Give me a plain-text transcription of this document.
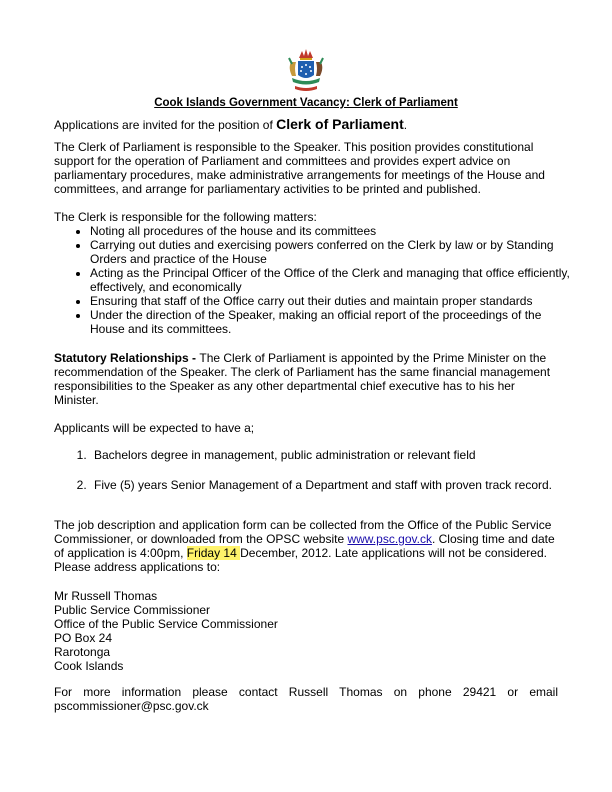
Cook Islands Government Vacancy: Clerk of Parliament
Applications are invited for the position of Clerk of Parliament.
The Clerk of Parliament is responsible to the Speaker. This position provides constitutional support for the operation of Parliament and committees and provides expert advice on parliamentary procedures, make administrative arrangements for meetings of the House and committees, and arrange for parliamentary activities to be printed and published.
The Clerk is responsible for the following matters:
• Noting all procedures of the house and its committees
• Carrying out duties and exercising powers conferred on the Clerk by law or by Standing Orders and practice of the House
• Acting as the Principal Officer of the Office of the Clerk and managing that office efficiently, effectively, and economically
• Ensuring that staff of the Office carry out their duties and maintain proper standards
• Under the direction of the Speaker, making an official report of the proceedings of the House and its committees.
Statutory Relationships - The Clerk of Parliament is appointed by the Prime Minister on the recommendation of the Speaker. The clerk of Parliament has the same financial management responsibilities to the Speaker as any other departmental chief executive has to his her Minister.
Applicants will be expected to have a;
1. Bachelors degree in management, public administration or relevant field
2. Five (5) years Senior Management of a Department and staff with proven track record.
The job description and application form can be collected from the Office of the Public Service Commissioner, or downloaded from the OPSC website www.psc.gov.ck. Closing time and date of application is 4:00pm, Friday 14 December, 2012. Late applications will not be considered. Please address applications to:
Mr Russell Thomas
Public Service Commissioner
Office of the Public Service Commissioner
PO Box 24
Rarotonga
Cook Islands
For more information please contact Russell Thomas on phone 29421 or email pscommissioner@psc.gov.ck
